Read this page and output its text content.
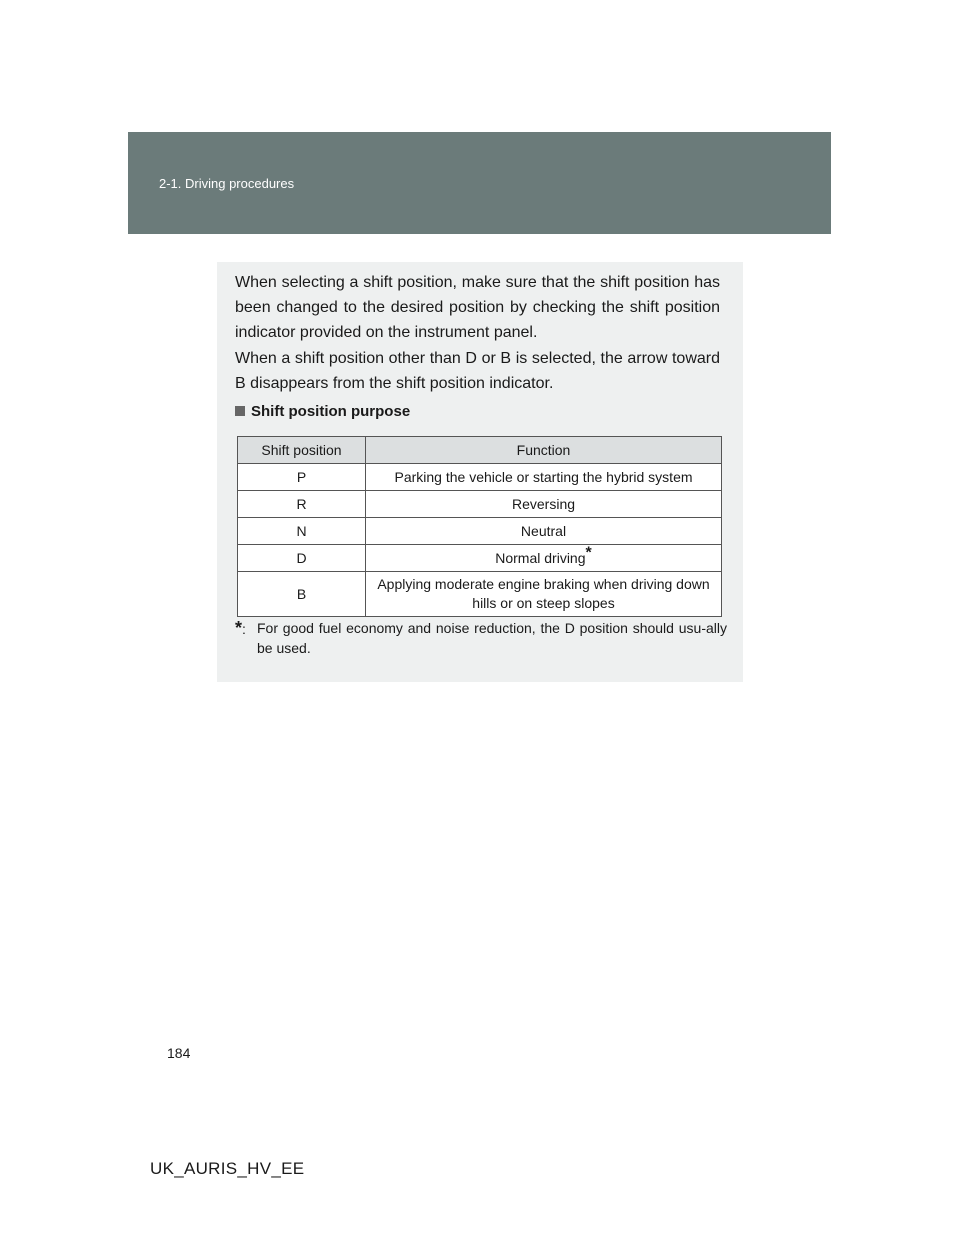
2-1. Driving procedures

When selecting a shift position, make sure that the shift position has been changed to the desired position by checking the shift position indicator provided on the instrument panel.

When a shift position other than D or B is selected, the arrow toward B disappears from the shift position indicator.

Shift position purpose
Shift position	Function
P	Parking the vehicle or starting the hybrid system
R	Reversing
N	Neutral
D	Normal driving*
B	Applying moderate engine braking when driving down hills or on steep slopes
*: For good fuel economy and noise reduction, the D position should usu-ally be used.
184
UK_AURIS_HV_EE
